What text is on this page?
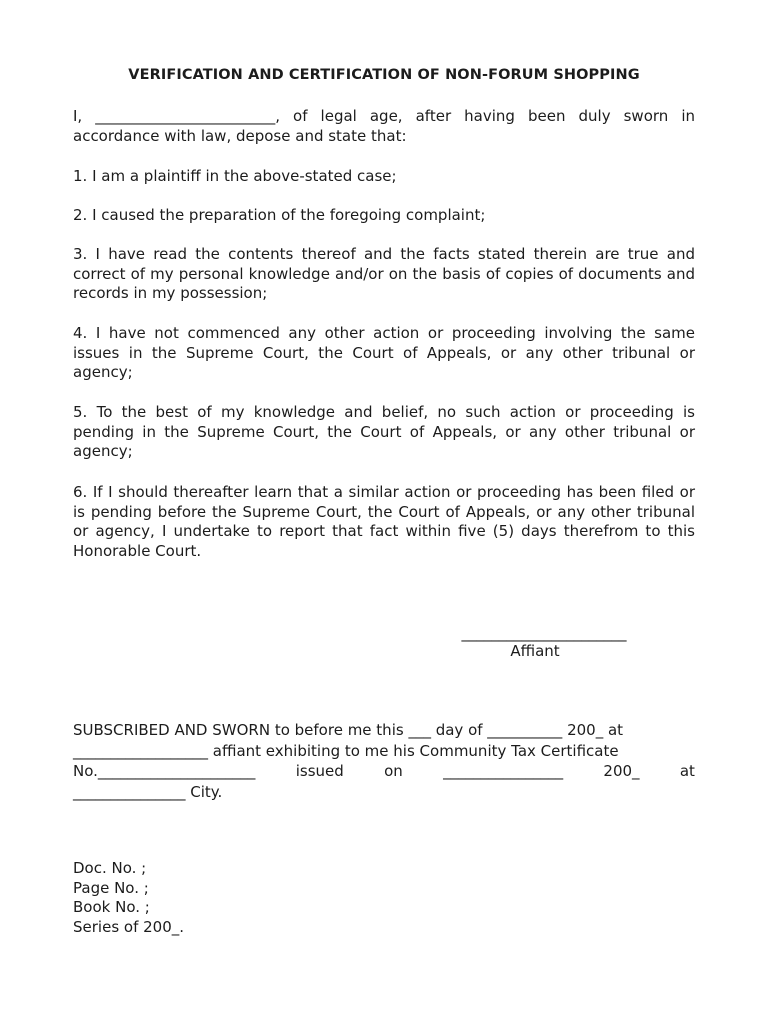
VERIFICATION AND CERTIFICATION OF NON-FORUM SHOPPING
I, ________________________, of legal age, after having been duly sworn in accordance with law, depose and state that:
1. I am a plaintiff in the above-stated case;
2. I caused the preparation of the foregoing complaint;
3. I have read the contents thereof and the facts stated therein are true and correct of my personal knowledge and/or on the basis of copies of documents and records in my possession;
4. I have not commenced any other action or proceeding involving the same issues in the Supreme Court, the Court of Appeals, or any other tribunal or agency;
5. To the best of my knowledge and belief, no such action or proceeding is pending in the Supreme Court, the Court of Appeals, or any other tribunal or agency;
6. If I should thereafter learn that a similar action or proceeding has been filed or is pending before the Supreme Court, the Court of Appeals, or any other tribunal or agency, I undertake to report that fact within five (5) days therefrom to this Honorable Court.
______________________
Affiant
SUBSCRIBED AND SWORN to before me this ___ day of __________ 200_ at
__________________ affiant exhibiting to me his Community Tax Certificate
No._____________________	issued	on	________________	200_	at
_______________ City.
Doc. No. ;
Page No. ;
Book No. ;
Series of 200_.
